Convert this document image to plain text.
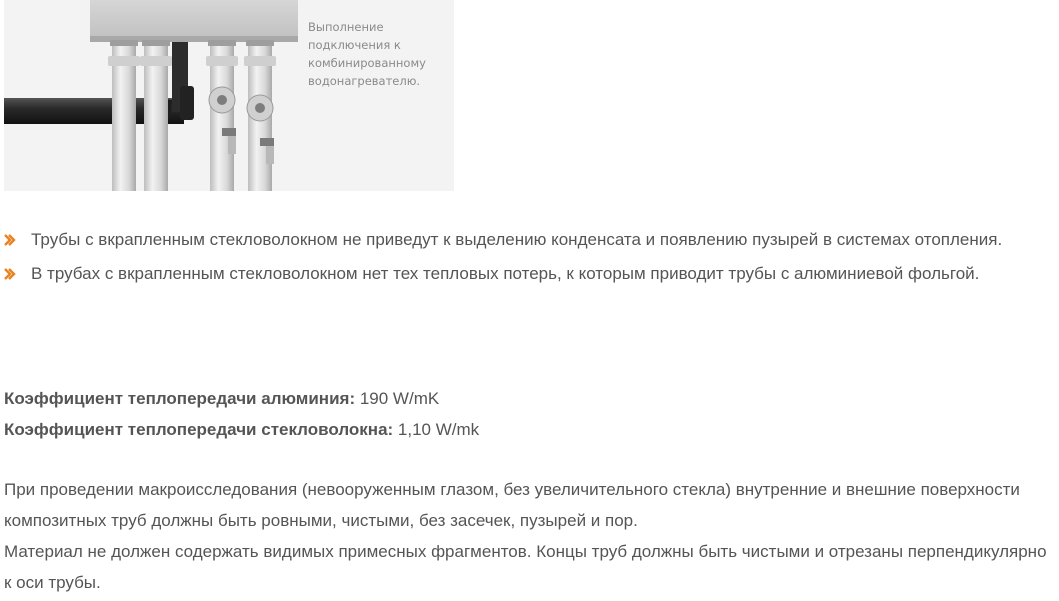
Выполнение
подключения к
комбинированному
водонагревателю.
Трубы с вкрапленным стекловолокном не приведут к выделению конденсата и появлению пузырей в системах отопления.
В трубах с вкрапленным стекловолокном нет тех тепловых потерь, к которым приводит трубы с алюминиевой фольгой.
Коэффициент теплопередачи алюминия: 190 W/mK
Коэффициент теплопередачи стекловолокна: 1,10 W/mk

При проведении макроисследования (невооруженным глазом, без увеличительного стекла) внутренние и внешние поверхности композитных труб должны быть ровными, чистыми, без засечек, пузырей и пор.

Материал не должен содержать видимых примесных фрагментов. Концы труб должны быть чистыми и отрезаны перпендикулярно к оси трубы.
